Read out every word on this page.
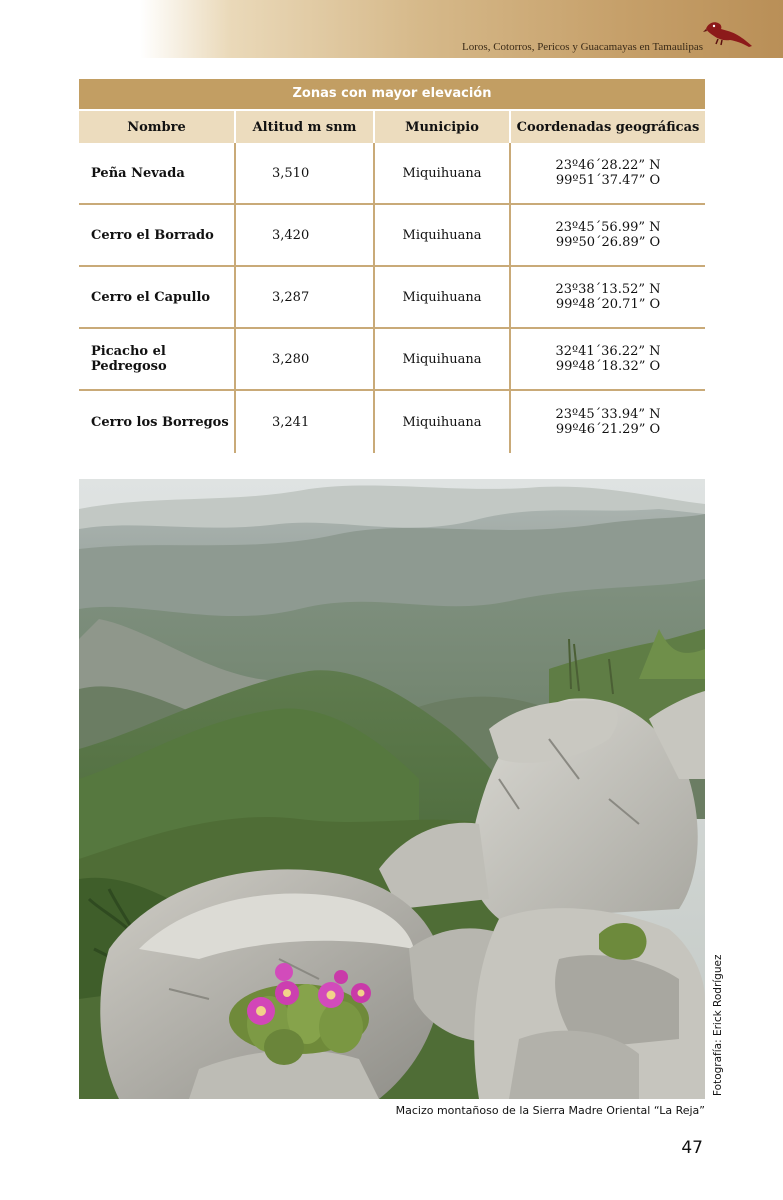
Loros, Cotorros, Pericos y Guacamayas en Tamaulipas
Zonas con mayor elevación
Nombre	Altitud m snm	Municipio	Coordenadas geográficas
Peña Nevada	3,510	Miquihuana	23º46´28.22” N
99º51´37.47” O
Cerro el Borrado	3,420	Miquihuana	23º45´56.99” N
99º50´26.89” O
Cerro el Capullo	3,287	Miquihuana	23º38´13.52” N
99º48´20.71” O
Picacho el Pedregoso	3,280	Miquihuana	32º41´36.22” N
99º48´18.32” O
Cerro los Borregos	3,241	Miquihuana	23º45´33.94” N
99º46´21.29” O
Fotografía: Erick Rodríguez
Macizo montañoso de la Sierra Madre Oriental “La Reja”
47
